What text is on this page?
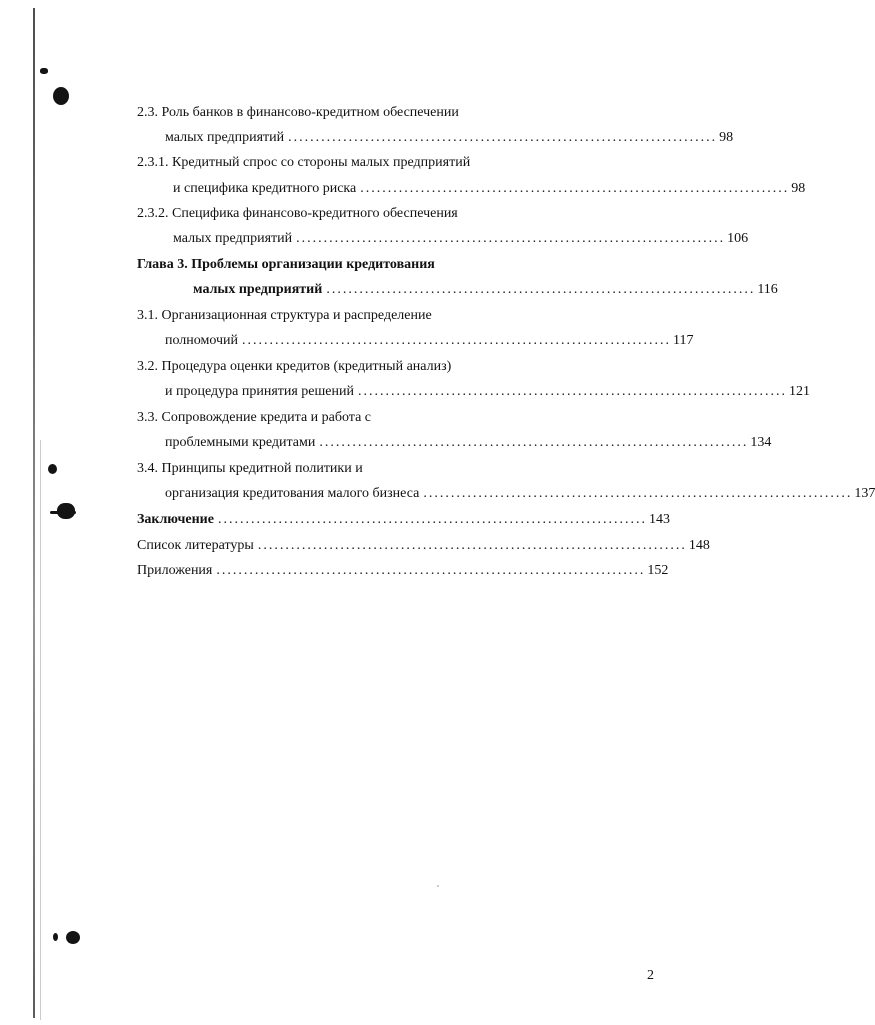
2.3. Роль банков в финансово-кредитном обеспечении
малых предприятий .............................................................................. 98
2.3.1. Кредитный спрос со стороны малых предприятий
и специфика кредитного риска .............................................................................. 98
2.3.2. Специфика финансово-кредитного обеспечения
малых предприятий .............................................................................. 106
Глава 3. Проблемы организации кредитования
малых предприятий .............................................................................. 116
3.1. Организационная структура и распределение
полномочий .............................................................................. 117
3.2. Процедура оценки кредитов (кредитный анализ)
и процедура принятия решений .............................................................................. 121
3.3. Сопровождение кредита и работа с
проблемными кредитами .............................................................................. 134
3.4. Принципы кредитной политики и
организация кредитования малого бизнеса .............................................................................. 137
Заключение .............................................................................. 143
Список литературы .............................................................................. 148
Приложения .............................................................................. 152
2
